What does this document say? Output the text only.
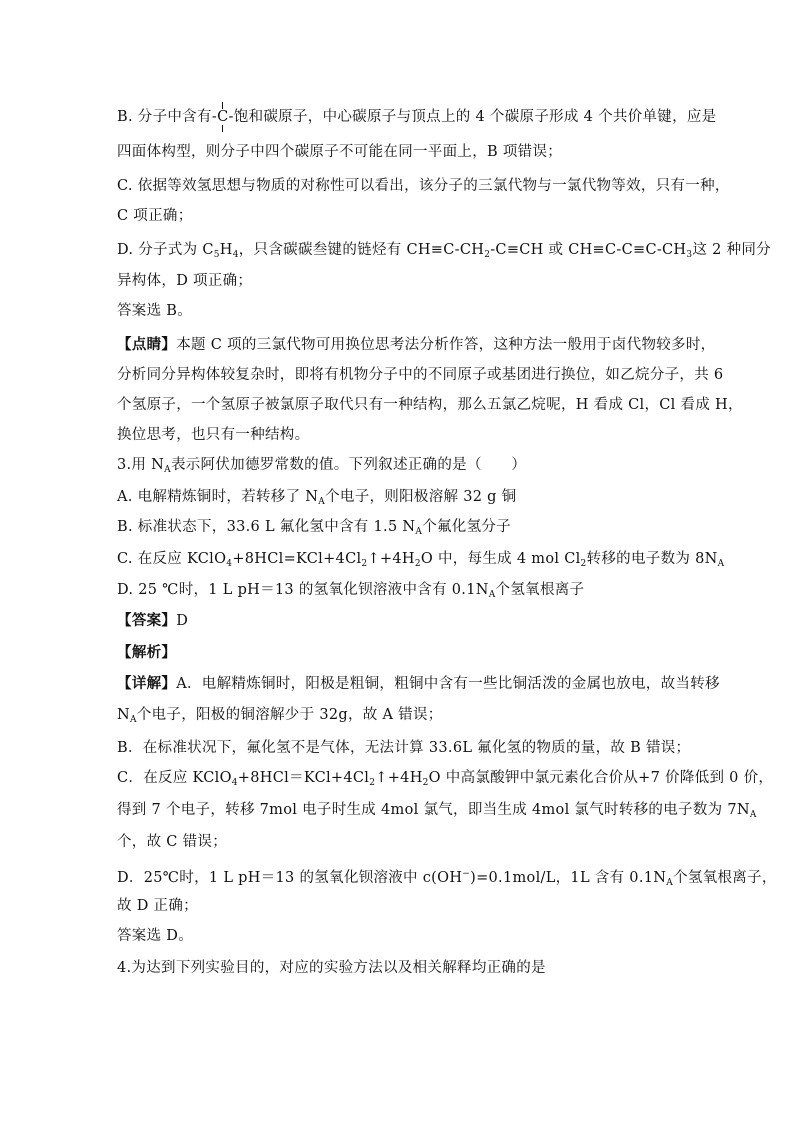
B. 分子中含有
-C-
饱和碳原子，中心碳原子与顶点上的 4 个碳原子形成 4 个共价单键，应是
四面体构型，则分子中四个碳原子不可能在同一平面上，B 项错误；
C. 依据等效氢思想与物质的对称性可以看出，该分子的三氯代物与一氯代物等效，只有一种，
C 项正确；
D. 分子式为 $C_5H_4$，只含碳碳叁键的链烃有 $CH\equiv C-CH_2-C\equiv CH$ 或 $CH\equiv C-C\equiv C-CH_3$这 2 种同分
异构体，D 项正确；
答案选 B。
【点睛】本题 C 项的三氯代物可用换位思考法分析作答，这种方法一般用于卤代物较多时，
分析同分异构体较复杂时，即将有机物分子中的不同原子或基团进行换位，如乙烷分子，共 6
个氢原子，一个氢原子被氯原子取代只有一种结构，那么五氯乙烷呢，H 看成 Cl，Cl 看成 H，
换位思考，也只有一种结构。
3.用 $N_A$表示阿伏加德罗常数的值。下列叙述正确的是（　　）
A. 电解精炼铜时，若转移了 $N_A$个电子，则阳极溶解 32 g 铜
B. 标准状态下，33.6 L 氟化氢中含有 1.5 $N_A$个氟化氢分子
C. 在反应 $KClO_4+8HCl=KCl+4Cl_2↑+4H_2O$ 中，每生成 4 mol $Cl_2$转移的电子数为 $8N_A$
D. 25 ℃时，1 L pH＝13 的氢氧化钡溶液中含有 $0.1N_A$个氢氧根离子
【答案】D
【解析】
【详解】A．电解精炼铜时，阳极是粗铜，粗铜中含有一些比铜活泼的金属也放电，故当转移
$N_A$个电子，阳极的铜溶解少于 32g，故 A 错误；
B．在标准状况下，氟化氢不是气体，无法计算 33.6L 氟化氢的物质的量，故 B 错误；
C．在反应 $KClO_4+8HCl=KCl+4Cl_2↑+4H_2O$ 中高氯酸钾中氯元素化合价从+7 价降低到 0 价，
得到 7 个电子，转移 7mol 电子时生成 4mol 氯气，即当生成 4mol 氯气时转移的电子数为 $7N_A$
个，故 C 错误；
D．25℃时，1 L pH＝13 的氢氧化钡溶液中 c(OH−)=0.1mol/L，1L 含有 $0.1N_A$个氢氧根离子，
故 D 正确；
答案选 D。
4.为达到下列实验目的，对应的实验方法以及相关解释均正确的是
